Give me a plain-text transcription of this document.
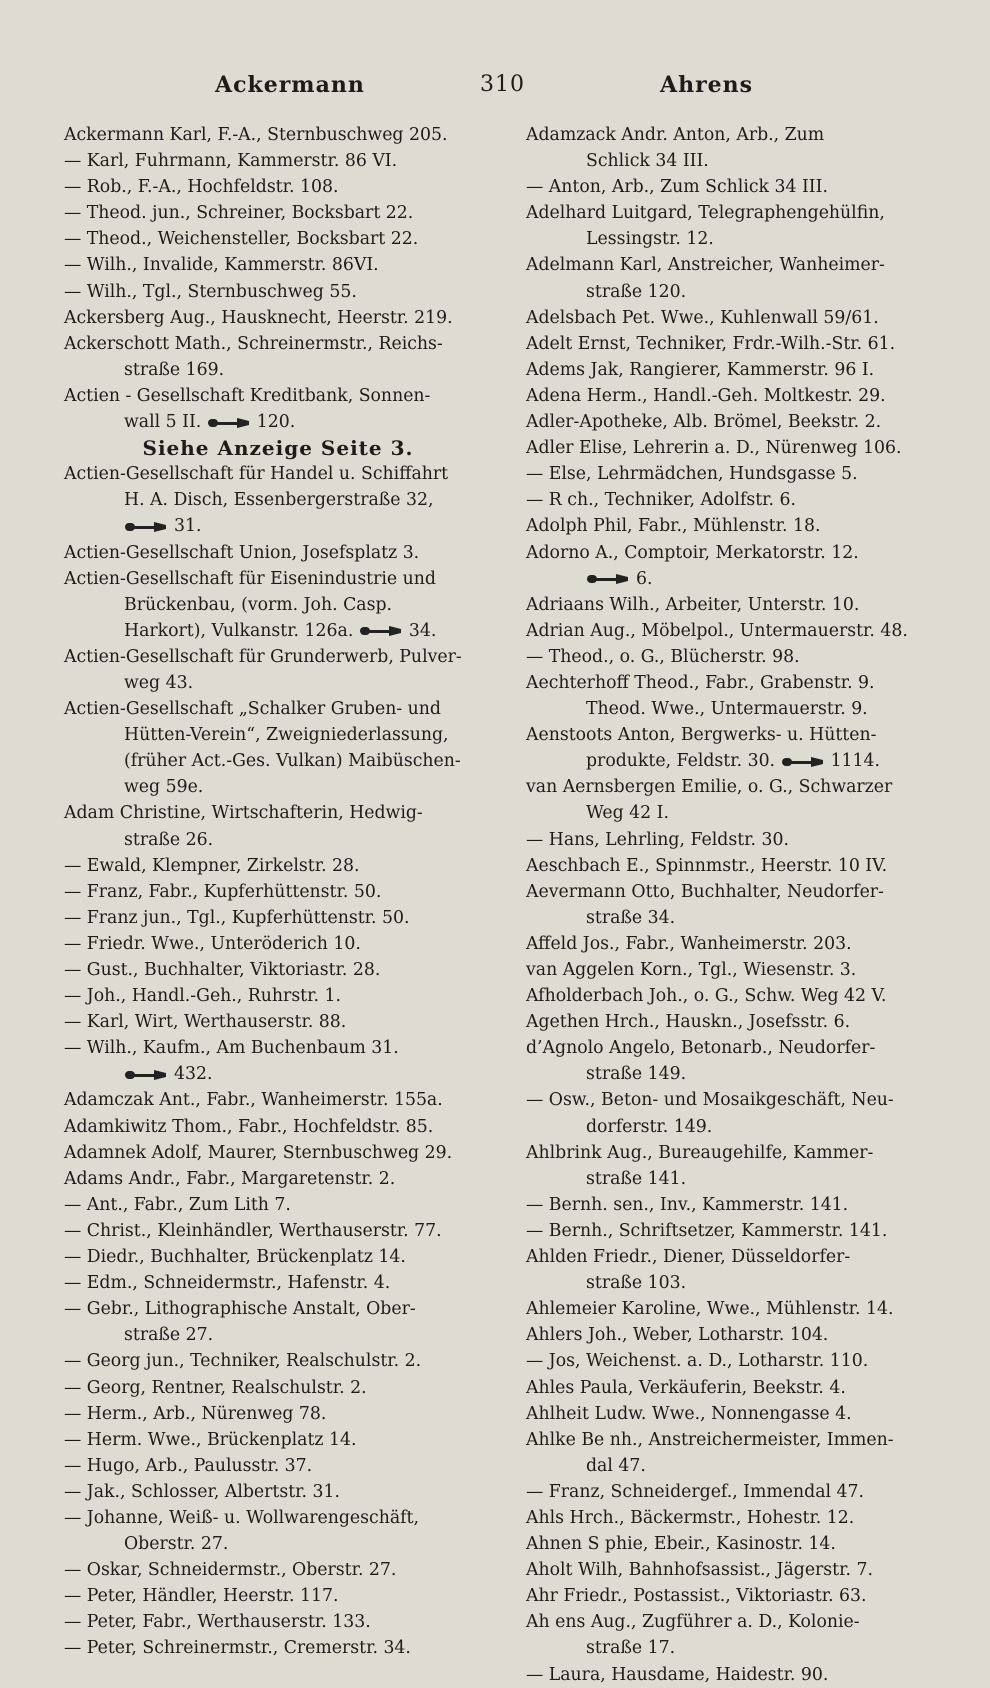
Ackermann	310	Ahrens
Ackermann Karl, F.-A., Sternbuschweg 205.
— Karl, Fuhrmann, Kammerstr. 86 VI.
— Rob., F.-A., Hochfeldstr. 108.
— Theod. jun., Schreiner, Bocksbart 22.
— Theod., Weichensteller, Bocksbart 22.
— Wilh., Invalide, Kammerstr. 86VI.
— Wilh., Tgl., Sternbuschweg 55.
Ackersberg Aug., Hausknecht, Heerstr. 219.
Ackerschott Math., Schreinermstr., Reichs-
straße 169.
Actien - Gesellschaft Kreditbank, Sonnen-
wall 5 II.	120.
Siehe Anzeige Seite 3.
Actien-Gesellschaft für Handel u. Schiffahrt
H. A. Disch, Essenbergerstraße 32,
31.
Actien-Gesellschaft Union, Josefsplatz 3.
Actien-Gesellschaft für Eisenindustrie und
Brückenbau, (vorm. Joh. Casp.
Harkort), Vulkanstr. 126a.	34.
Actien-Gesellschaft für Grunderwerb, Pulver-
weg 43.
Actien-Gesellschaft „Schalker Gruben- und
Hütten-Verein“, Zweigniederlassung,
(früher Act.-Ges. Vulkan) Maibüschen-
weg 59e.
Adam Christine, Wirtschafterin, Hedwig-
straße 26.
— Ewald, Klempner, Zirkelstr. 28.
— Franz, Fabr., Kupferhüttenstr. 50.
— Franz jun., Tgl., Kupferhüttenstr. 50.
— Friedr. Wwe., Unteröderich 10.
— Gust., Buchhalter, Viktoriastr. 28.
— Joh., Handl.-Geh., Ruhrstr. 1.
— Karl, Wirt, Werthauserstr. 88.
— Wilh., Kaufm., Am Buchenbaum 31.
432.
Adamczak Ant., Fabr., Wanheimerstr. 155a.
Adamkiwitz Thom., Fabr., Hochfeldstr. 85.
Adamnek Adolf, Maurer, Sternbuschweg 29.
Adams Andr., Fabr., Margaretenstr. 2.
— Ant., Fabr., Zum Lith 7.
— Christ., Kleinhändler, Werthauserstr. 77.
— Diedr., Buchhalter, Brückenplatz 14.
— Edm., Schneidermstr., Hafenstr. 4.
— Gebr., Lithographische Anstalt, Ober-
straße 27.
— Georg jun., Techniker, Realschulstr. 2.
— Georg, Rentner, Realschulstr. 2.
— Herm., Arb., Nürenweg 78.
— Herm. Wwe., Brückenplatz 14.
— Hugo, Arb., Paulusstr. 37.
— Jak., Schlosser, Albertstr. 31.
— Johanne, Weiß- u. Wollwarengeschäft,
Oberstr. 27.
— Oskar, Schneidermstr., Oberstr. 27.
— Peter, Händler, Heerstr. 117.
— Peter, Fabr., Werthauserstr. 133.
— Peter, Schreinermstr., Cremerstr. 34.
Adamzack Andr. Anton, Arb., Zum
Schlick 34 III.
— Anton, Arb., Zum Schlick 34 III.
Adelhard Luitgard, Telegraphengehülfin,
Lessingstr. 12.
Adelmann Karl, Anstreicher, Wanheimer-
straße 120.
Adelsbach Pet. Wwe., Kuhlenwall 59/61.
Adelt Ernst, Techniker, Frdr.-Wilh.-Str. 61.
Adems Jak, Rangierer, Kammerstr. 96 I.
Adena Herm., Handl.-Geh. Moltkestr. 29.
Adler-Apotheke, Alb. Brömel, Beekstr. 2.
Adler Elise, Lehrerin a. D., Nürenweg 106.
— Else, Lehrmädchen, Hundsgasse 5.
— R ch., Techniker, Adolfstr. 6.
Adolph Phil, Fabr., Mühlenstr. 18.
Adorno A., Comptoir, Merkatorstr. 12.
6.
Adriaans Wilh., Arbeiter, Unterstr. 10.
Adrian Aug., Möbelpol., Untermauerstr. 48.
— Theod., o. G., Blücherstr. 98.
Aechterhoff Theod., Fabr., Grabenstr. 9.
Theod. Wwe., Untermauerstr. 9.
Aenstoots Anton, Bergwerks- u. Hütten-
produkte, Feldstr. 30.	1114.
van Aernsbergen Emilie, o. G., Schwarzer
Weg 42 I.
— Hans, Lehrling, Feldstr. 30.
Aeschbach E., Spinnmstr., Heerstr. 10 IV.
Aevermann Otto, Buchhalter, Neudorfer-
straße 34.
Affeld Jos., Fabr., Wanheimerstr. 203.
van Aggelen Korn., Tgl., Wiesenstr. 3.
Afholderbach Joh., o. G., Schw. Weg 42 V.
Agethen Hrch., Hauskn., Josefsstr. 6.
d’Agnolo Angelo, Betonarb., Neudorfer-
straße 149.
— Osw., Beton- und Mosaikgeschäft, Neu-
dorferstr. 149.
Ahlbrink Aug., Bureaugehilfe, Kammer-
straße 141.
— Bernh. sen., Inv., Kammerstr. 141.
— Bernh., Schriftsetzer, Kammerstr. 141.
Ahlden Friedr., Diener, Düsseldorfer-
straße 103.
Ahlemeier Karoline, Wwe., Mühlenstr. 14.
Ahlers Joh., Weber, Lotharstr. 104.
— Jos, Weichenst. a. D., Lotharstr. 110.
Ahles Paula, Verkäuferin, Beekstr. 4.
Ahlheit Ludw. Wwe., Nonnengasse 4.
Ahlke Be nh., Anstreichermeister, Immen-
dal 47.
— Franz, Schneidergef., Immendal 47.
Ahls Hrch., Bäckermstr., Hohestr. 12.
Ahnen S phie, Ebeir., Kasinostr. 14.
Aholt Wilh, Bahnhofsassist., Jägerstr. 7.
Ahr Friedr., Postassist., Viktoriastr. 63.
Ah ens Aug., Zugführer a. D., Kolonie-
straße 17.
— Laura, Hausdame, Haidestr. 90.
